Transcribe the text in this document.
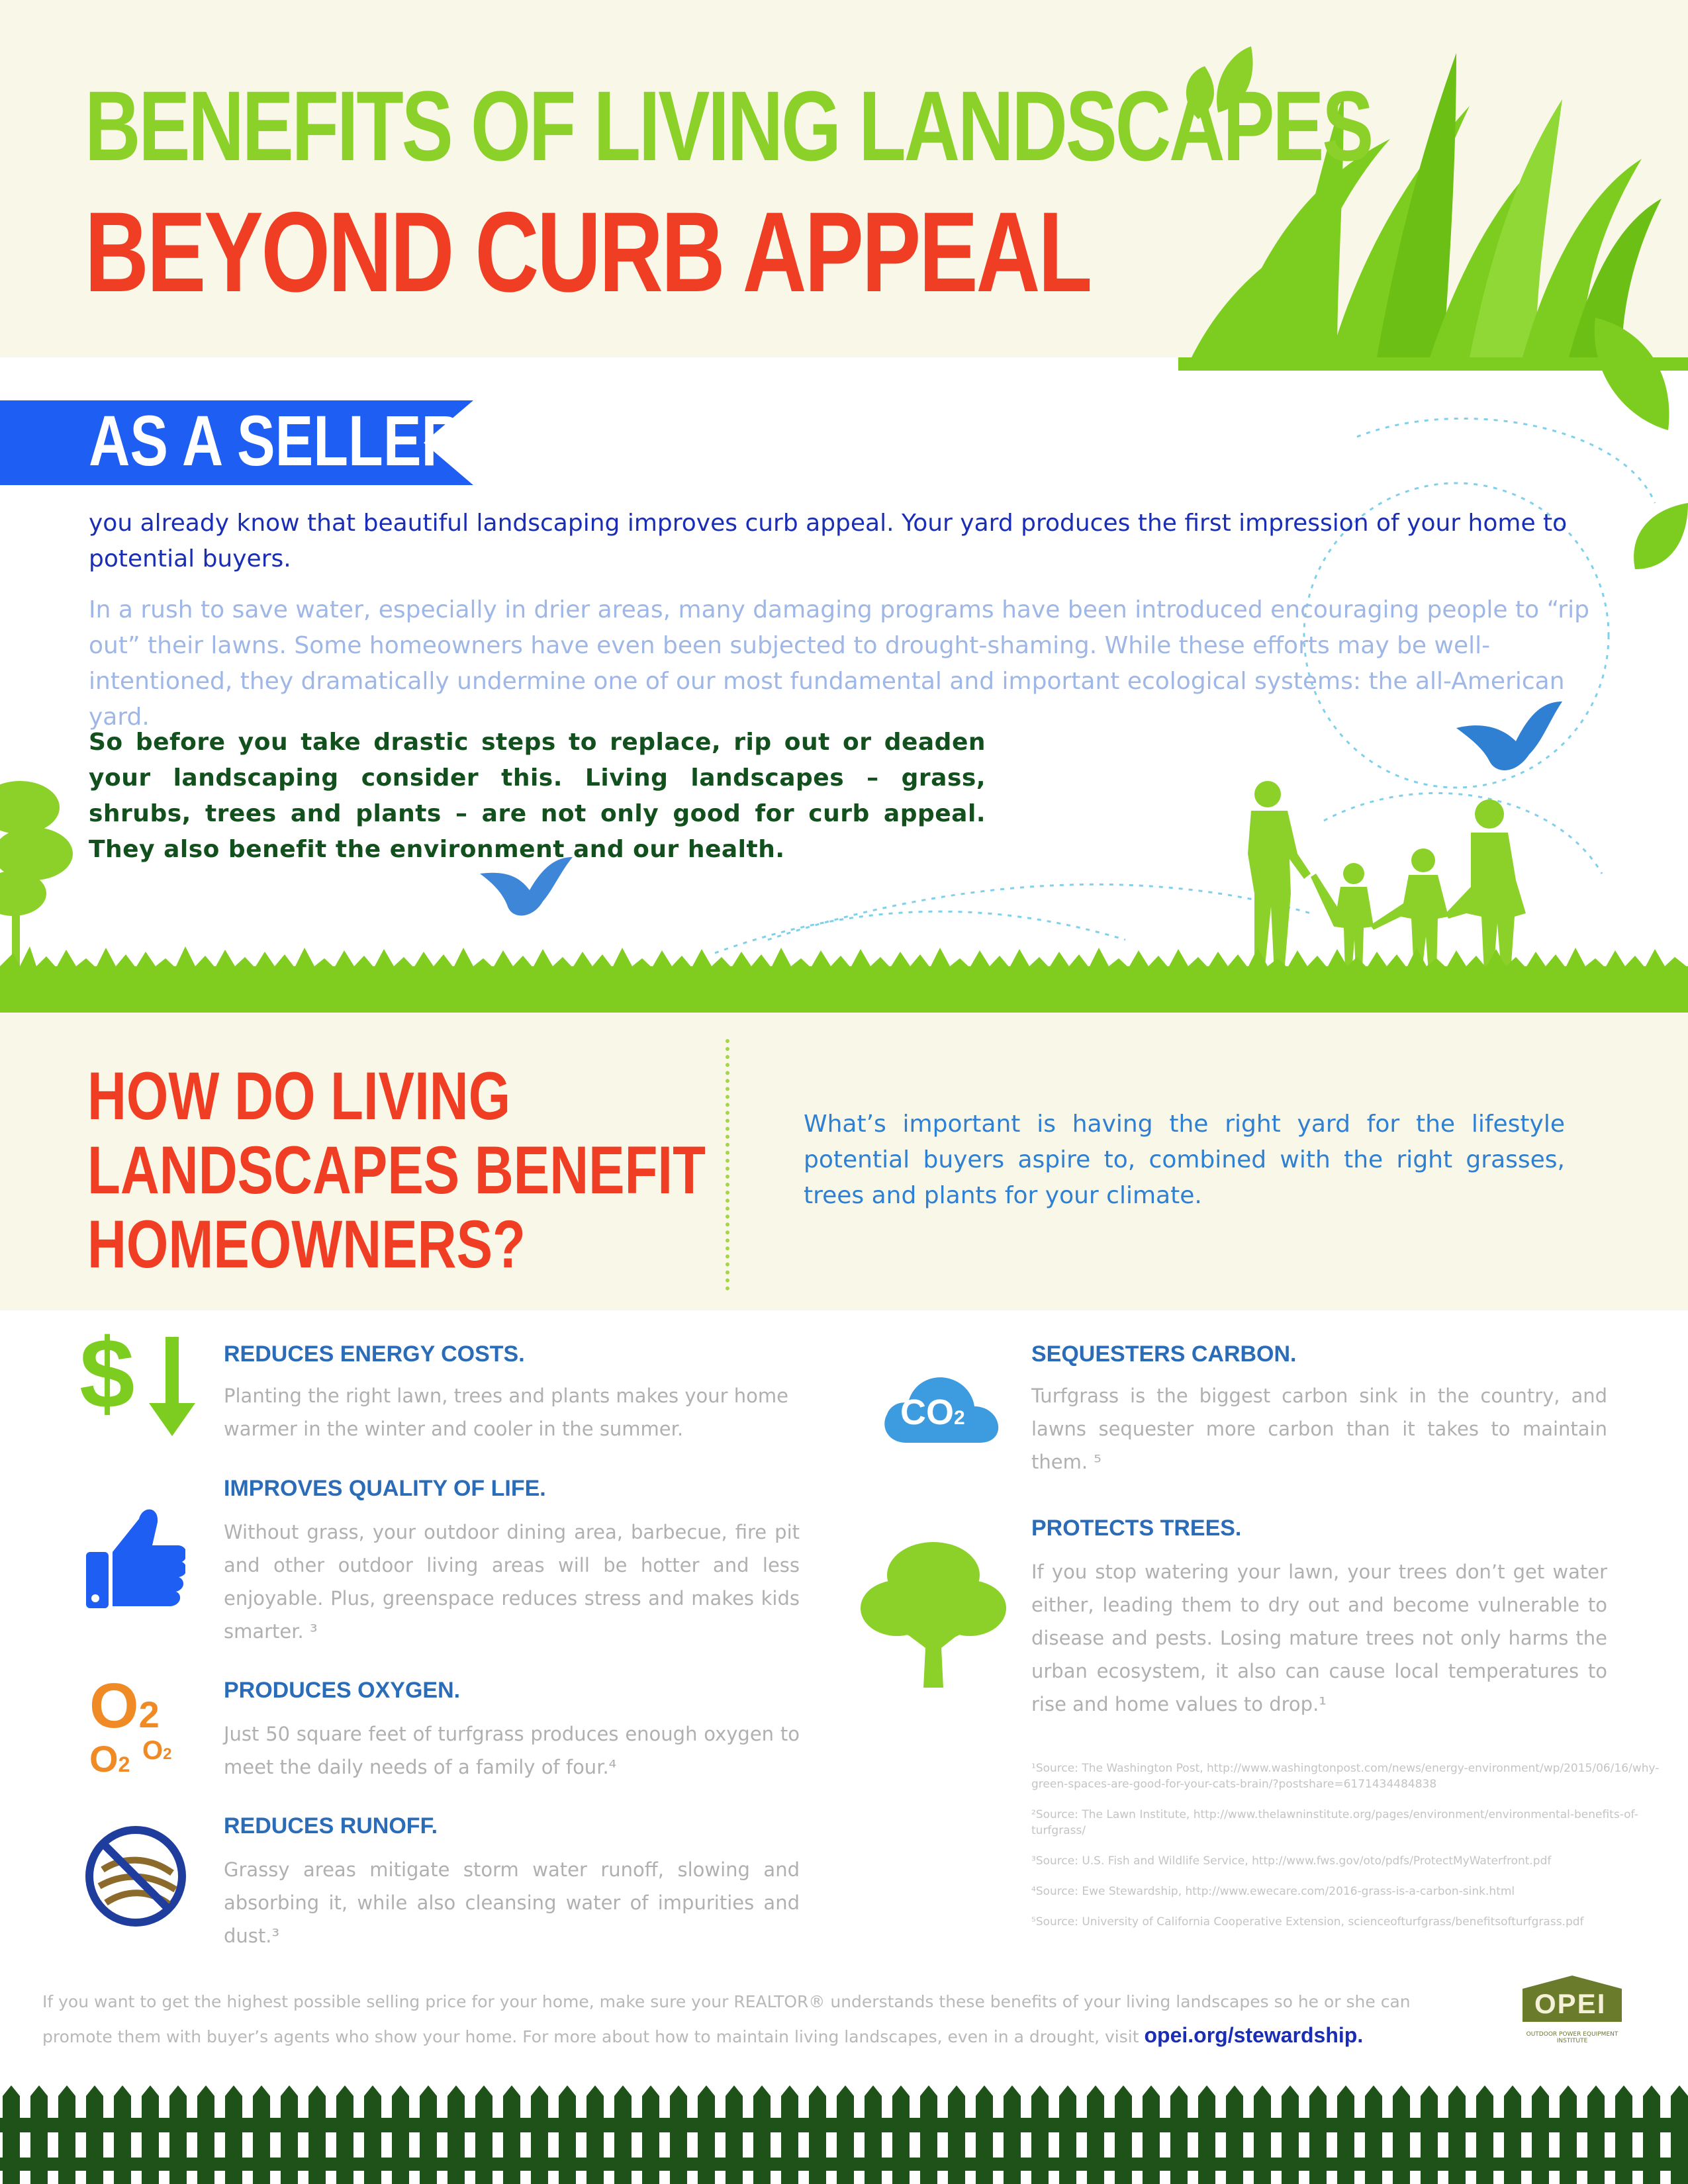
BENEFITS OF LIVING LANDSCAPES
BEYOND CURB APPEAL
AS A SELLER
you already know that beautiful landscaping improves curb appeal. Your yard produces the first impression of your home to potential buyers.
In a rush to save water, especially in drier areas, many damaging programs have been introduced encouraging people to “rip out” their lawns. Some homeowners have even been subjected to drought-shaming. While these efforts may be well-intentioned, they dramatically undermine one of our most fundamental and important ecological systems: the all-American yard.
So before you take drastic steps to replace, rip out or deaden your landscaping consider this. Living landscapes – grass, shrubs, trees and plants – are not only good for curb appeal. They also benefit the environment and our health.
HOW DO LIVING
LANDSCAPES BENEFIT
HOMEOWNERS?
What’s important is having the right yard for the lifestyle potential buyers aspire to, combined with the right grasses, trees and plants for your climate.
$
O2
O2 O2
CO2
REDUCES ENERGY COSTS.
Planting the right lawn, trees and plants makes your home warmer in the winter and cooler in the summer.
IMPROVES QUALITY OF LIFE.
Without grass, your outdoor dining area, barbecue, fire pit and other outdoor living areas will be hotter and less enjoyable. Plus, greenspace reduces stress and makes kids smarter. ³
PRODUCES OXYGEN.
Just 50 square feet of turfgrass produces enough oxygen to meet the daily needs of a family of four.⁴
REDUCES RUNOFF.
Grassy areas mitigate storm water runoff, slowing and absorbing it, while also cleansing water of impurities and dust.³
SEQUESTERS CARBON.
Turfgrass is the biggest carbon sink in the country, and lawns sequester more carbon than it takes to maintain them. ⁵
PROTECTS TREES.
If you stop watering your lawn, your trees don’t get water either, leading them to dry out and become vulnerable to disease and pests. Losing mature trees not only harms the urban ecosystem, it also can cause local temperatures to rise and home values to drop.¹
¹Source: The Washington Post, http://www.washingtonpost.com/news/energy-environment/wp/2015/06/16/why-green-spaces-are-good-for-your-cats-brain/?postshare=6171434484838
²Source: The Lawn Institute, http://www.thelawninstitute.org/pages/environment/environmental-benefits-of-turfgrass/
³Source: U.S. Fish and Wildlife Service, http://www.fws.gov/oto/pdfs/ProtectMyWaterfront.pdf
⁴Source: Ewe Stewardship, http://www.ewecare.com/2016-grass-is-a-carbon-sink.html
⁵Source: University of California Cooperative Extension, scienceofturfgrass/benefitsofturfgrass.pdf
If you want to get the highest possible selling price for your home, make sure your REALTOR® understands these benefits of your living landscapes so he or she can promote them with buyer’s agents who show your home. For more about how to maintain living landscapes, even in a drought, visit opei.org/stewardship.
OPEI
OUTDOOR POWER EQUIPMENT INSTITUTE
